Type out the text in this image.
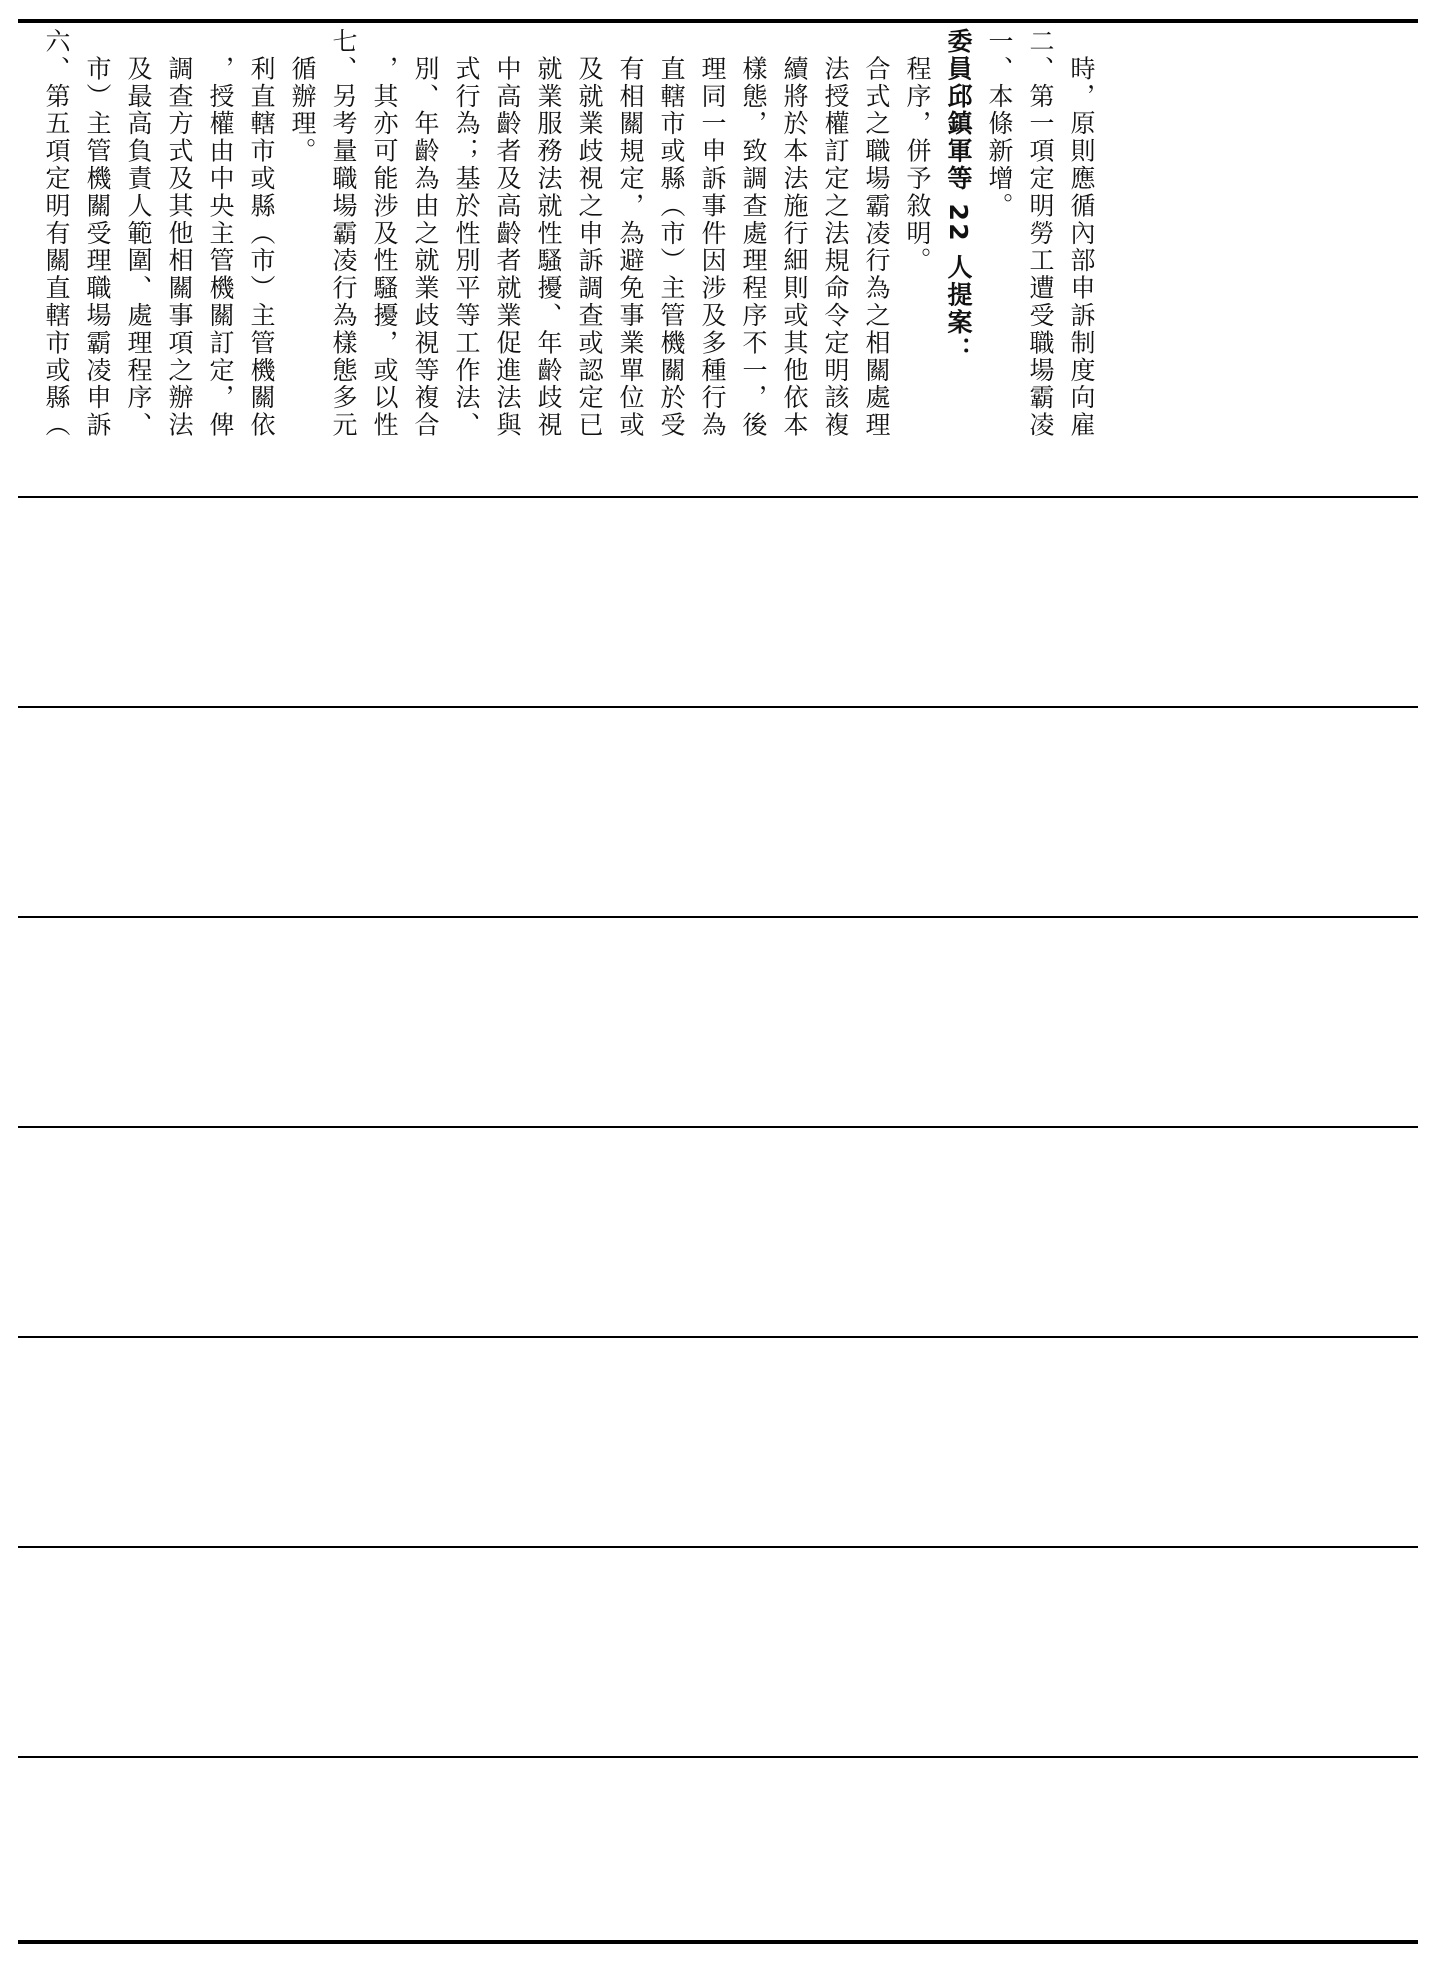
六、第五項定明有關直轄市或縣（ 　市）主管機關受理職場霸凌申訴 　及最高負責人範圍、處理程序、 　調查方式及其他相關事項之辦法 　，授權由中央主管機關訂定，俾 　利直轄市或縣（市）主管機關依 　循辦理。 七、另考量職場霸凌行為樣態多元 　，其亦可能涉及性騷擾，或以性 　別、年齡為由之就業歧視等複合 　式行為；基於性別平等工作法、 　中高齡者及高齡者就業促進法與 　就業服務法就性騷擾、年齡歧視 　及就業歧視之申訴調查或認定已 　有相關規定，為避免事業單位或 　直轄市或縣（市）主管機關於受 　理同一申訴事件因涉及多種行為 　樣態，致調查處理程序不一，後 　續將於本法施行細則或其他依本 　法授權訂定之法規命令定明該複 　合式之職場霸凌行為之相關處理 　程序，併予敘明。 委員邱鎮軍等 22 人提案： 一、本條新增。 二、第一項定明勞工遭受職場霸凌 　時，原則應循內部申訴制度向雇
